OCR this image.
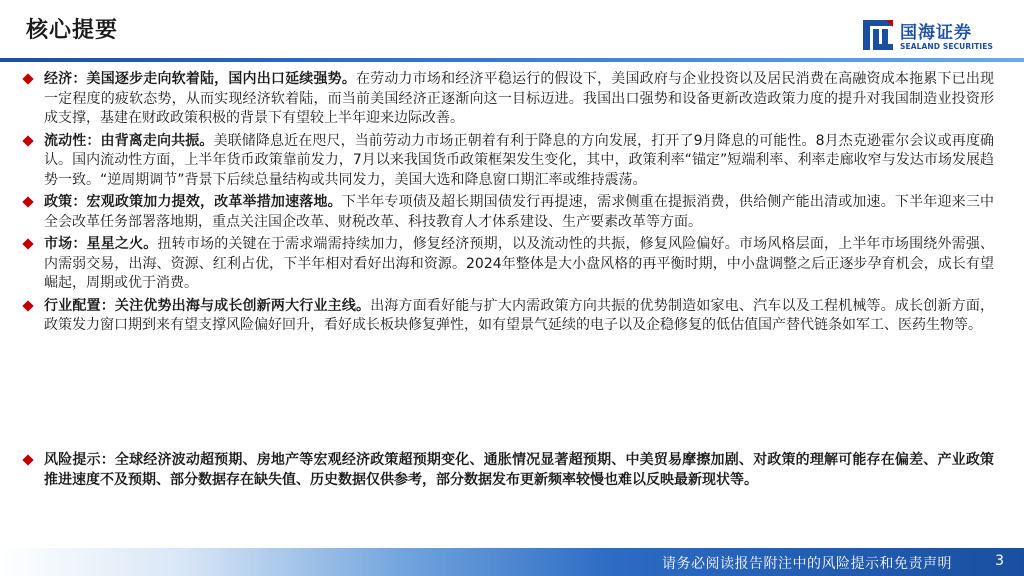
核心提要	国海证券
SEALAND SECURITIES
经济：美国逐步走向软着陆，国内出口延续强势。在劳动力市场和经济平稳运行的假设下，美国政府与企业投资以及居民消费在高融资成本拖累下已出现一定程度的疲软态势，从而实现经济软着陆，而当前美国经济正逐渐向这一目标迈进。我国出口强势和设备更新改造政策力度的提升对我国制造业投资形成支撑，基建在财政政策积极的背景下有望较上半年迎来边际改善。
流动性：由背离走向共振。美联储降息近在咫尺，当前劳动力市场正朝着有利于降息的方向发展，打开了9月降息的可能性。8月杰克逊霍尔会议或再度确认。国内流动性方面，上半年货币政策靠前发力，7月以来我国货币政策框架发生变化，其中，政策利率“锚定”短端利率、利率走廊收窄与发达市场发展趋势一致。“逆周期调节”背景下后续总量结构或共同发力，美国大选和降息窗口期汇率或维持震荡。
政策：宏观政策加力提效，改革举措加速落地。下半年专项债及超长期国债发行再提速，需求侧重在提振消费，供给侧产能出清或加速。下半年迎来三中全会改革任务部署落地期，重点关注国企改革、财税改革、科技教育人才体系建设、生产要素改革等方面。
市场：星星之火。扭转市场的关键在于需求端需持续加力，修复经济预期，以及流动性的共振，修复风险偏好。市场风格层面，上半年市场围绕外需强、内需弱交易，出海、资源、红利占优，下半年相对看好出海和资源。2024年整体是大小盘风格的再平衡时期，中小盘调整之后正逐步孕育机会，成长有望崛起，周期或优于消费。
行业配置：关注优势出海与成长创新两大行业主线。出海方面看好能与扩大内需政策方向共振的优势制造如家电、汽车以及工程机械等。成长创新方面，政策发力窗口期到来有望支撑风险偏好回升，看好成长板块修复弹性，如有望景气延续的电子以及企稳修复的低估值国产替代链条如军工、医药生物等。
风险提示：全球经济波动超预期、房地产等宏观经济政策超预期变化、通胀情况显著超预期、中美贸易摩擦加剧、对政策的理解可能存在偏差、产业政策推进速度不及预期、部分数据存在缺失值、历史数据仅供参考，部分数据发布更新频率较慢也难以反映最新现状等。
请务必阅读报告附注中的风险提示和免责声明	3
